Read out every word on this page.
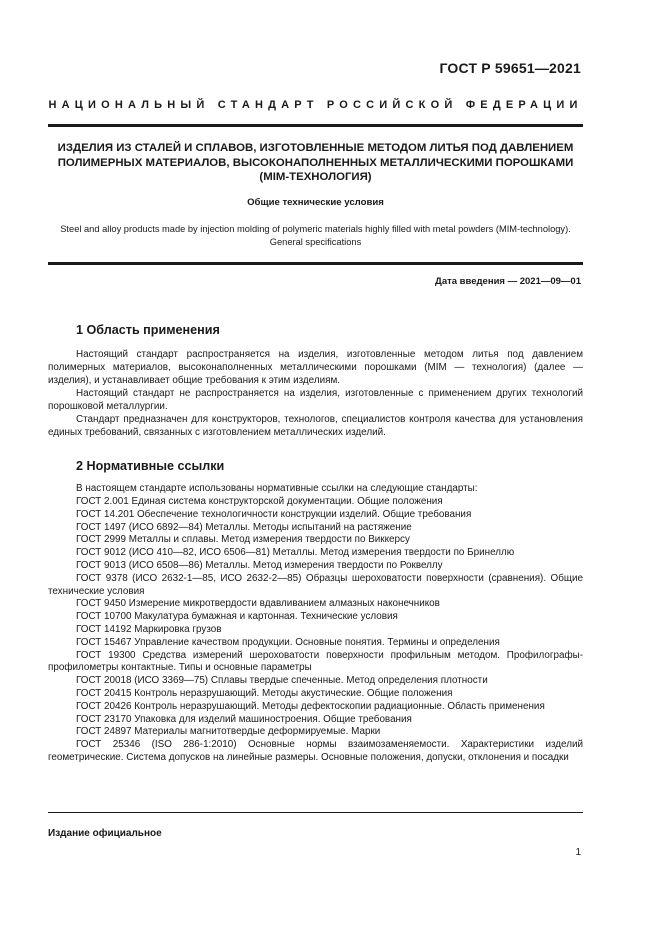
ГОСТ Р 59651—2021
НАЦИОНАЛЬНЫЙ СТАНДАРТ РОССИЙСКОЙ ФЕДЕРАЦИИ
ИЗДЕЛИЯ ИЗ СТАЛЕЙ И СПЛАВОВ, ИЗГОТОВЛЕННЫЕ МЕТОДОМ ЛИТЬЯ ПОД ДАВЛЕНИЕМ ПОЛИМЕРНЫХ МАТЕРИАЛОВ, ВЫСОКОНАПОЛНЕННЫХ МЕТАЛЛИЧЕСКИМИ ПОРОШКАМИ (MIM-ТЕХНОЛОГИЯ)
Общие технические условия
Steel and alloy products made by injection molding of polymeric materials highly filled with metal powders (MIM-technology). General specifications
Дата введения — 2021—09—01
1 Область применения
Настоящий стандарт распространяется на изделия, изготовленные методом литья под давлением полимерных материалов, высоконаполненных металлическими порошками (MIM — технология) (далее — изделия), и устанавливает общие требования к этим изделиям.
Настоящий стандарт не распространяется на изделия, изготовленные с применением других технологий порошковой металлургии.
Стандарт предназначен для конструкторов, технологов, специалистов контроля качества для установления единых требований, связанных с изготовлением металлических изделий.
2 Нормативные ссылки
В настоящем стандарте использованы нормативные ссылки на следующие стандарты:
ГОСТ 2.001 Единая система конструкторской документации. Общие положения
ГОСТ 14.201 Обеспечение технологичности конструкции изделий. Общие требования
ГОСТ 1497 (ИСО 6892—84) Металлы. Методы испытаний на растяжение
ГОСТ 2999 Металлы и сплавы. Метод измерения твердости по Виккерсу
ГОСТ 9012 (ИСО 410—82, ИСО 6506—81) Металлы. Метод измерения твердости по Бринеллю
ГОСТ 9013 (ИСО 6508—86) Металлы. Метод измерения твердости по Роквеллу
ГОСТ 9378 (ИСО 2632-1—85, ИСО 2632-2—85) Образцы шероховатости поверхности (сравнения). Общие технические условия
ГОСТ 9450 Измерение микротвердости вдавливанием алмазных наконечников
ГОСТ 10700 Макулатура бумажная и картонная. Технические условия
ГОСТ 14192 Маркировка грузов
ГОСТ 15467 Управление качеством продукции. Основные понятия. Термины и определения
ГОСТ 19300 Средства измерений шероховатости поверхности профильным методом. Профилографы-профилометры контактные. Типы и основные параметры
ГОСТ 20018 (ИСО 3369—75) Сплавы твердые спеченные. Метод определения плотности
ГОСТ 20415 Контроль неразрушающий. Методы акустические. Общие положения
ГОСТ 20426 Контроль неразрушающий. Методы дефектоскопии радиационные. Область применения
ГОСТ 23170 Упаковка для изделий машиностроения. Общие требования
ГОСТ 24897 Материалы магнитотвердые деформируемые. Марки
ГОСТ 25346 (ISO 286-1:2010) Основные нормы взаимозаменяемости. Характеристики изделий геометрические. Система допусков на линейные размеры. Основные положения, допуски, отклонения и посадки
Издание официальное
1
